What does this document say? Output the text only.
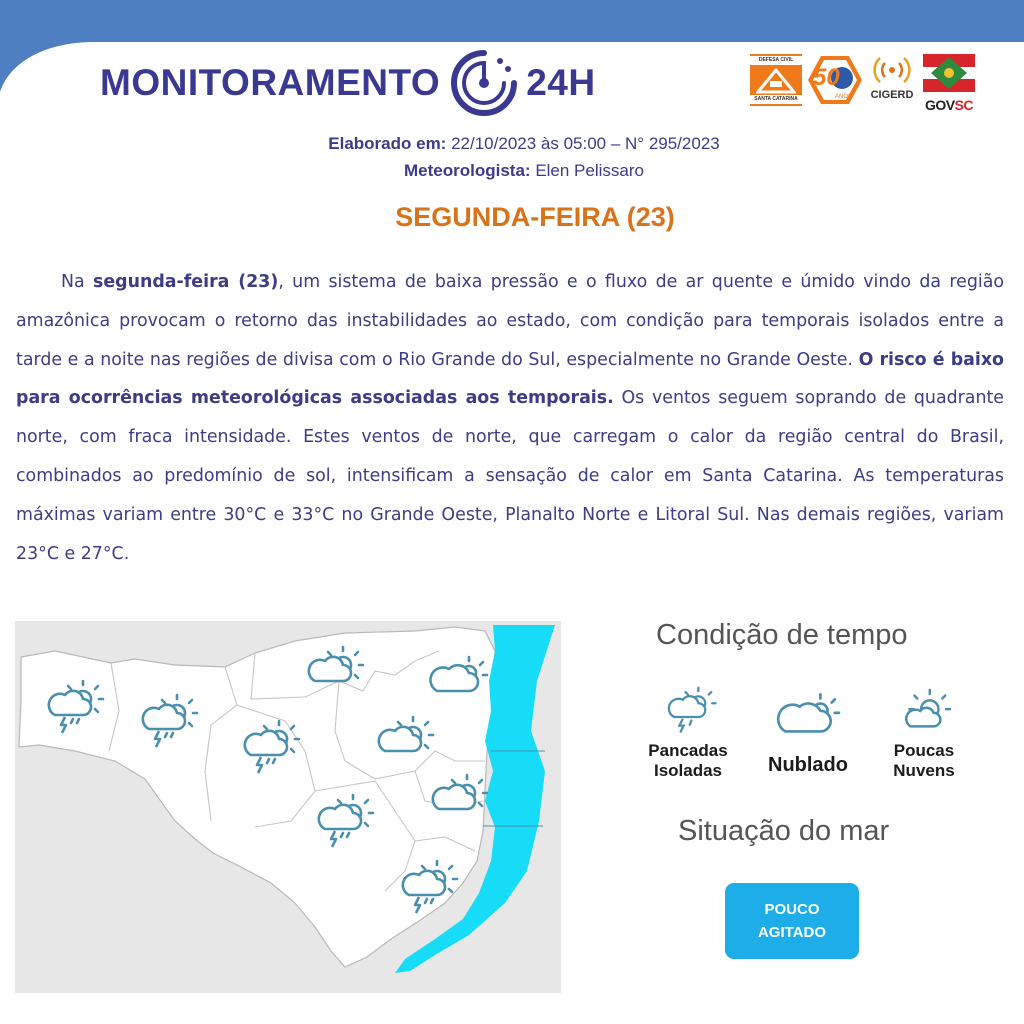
MONITORAMENTO 24H
DEFESA CIVIL
SANTA CATARINA
50
ANOS CIGERD
GOVSC
Elaborado em: 22/10/2023 às 05:00 – N° 295/2023
Meteorologista: Elen Pelissaro
SEGUNDA-FEIRA (23)

Na segunda-feira (23), um sistema de baixa pressão e o fluxo de ar quente e úmido vindo da região amazônica provocam o retorno das instabilidades ao estado, com condição para temporais isolados entre a tarde e a noite nas regiões de divisa com o Rio Grande do Sul, especialmente no Grande Oeste. O risco é baixo para ocorrências meteorológicas associadas aos temporais. Os ventos seguem soprando de quadrante norte, com fraca intensidade. Estes ventos de norte, que carregam o calor da região central do Brasil, combinados ao predomínio de sol, intensificam a sensação de calor em Santa Catarina. As temperaturas máximas variam entre 30°C e 33°C no Grande Oeste, Planalto Norte e Litoral Sul. Nas demais regiões, variam 23°C e 27°C.

Condição de tempo
Pancadas
Isoladas	Nublado
Poucas
Nuvens
Situação do mar
POUCO
AGITADO
